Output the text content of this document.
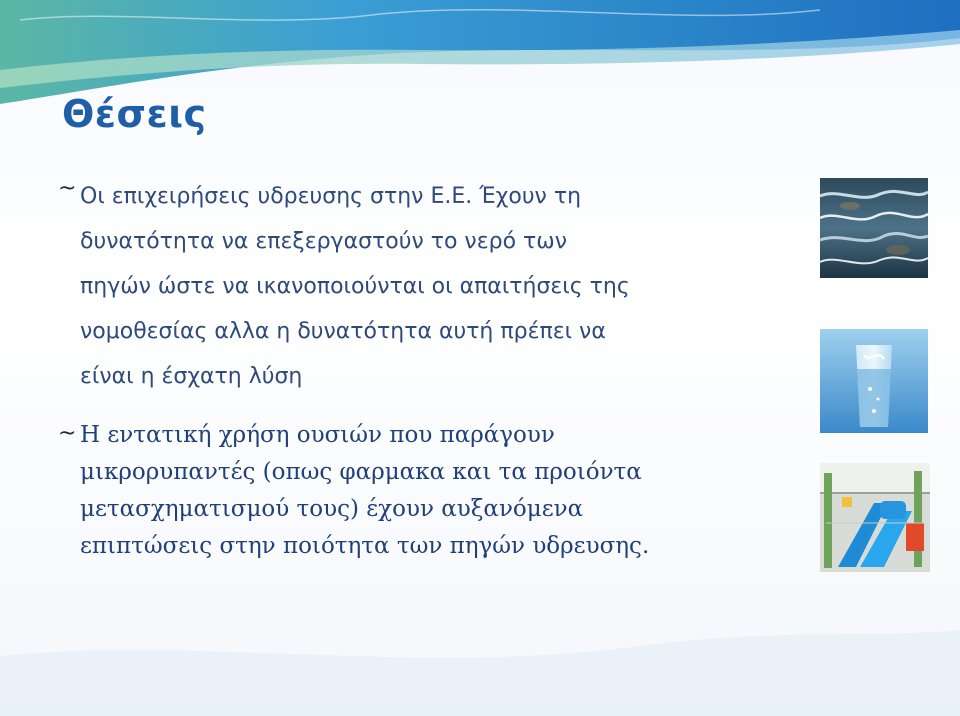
Θέσεις
~ Οι επιχειρήσεις υδρευσης στην Ε.Ε. Έχουν τη
δυνατότητα να επεξεργαστούν το νερό των
πηγών ώστε να ικανοποιούνται οι απαιτήσεις της
νομοθεσίας αλλα η δυνατότητα αυτή πρέπει να
είναι η έσχατη λύση
~ Η εντατική χρήση ουσιών που παράγουν
μικρορυπαντές (οπως φαρμακα και τα προιόντα
μετασχηματισμού τους) έχουν αυξανόμενα
επιπτώσεις στην ποιότητα των πηγών υδρευσης.
